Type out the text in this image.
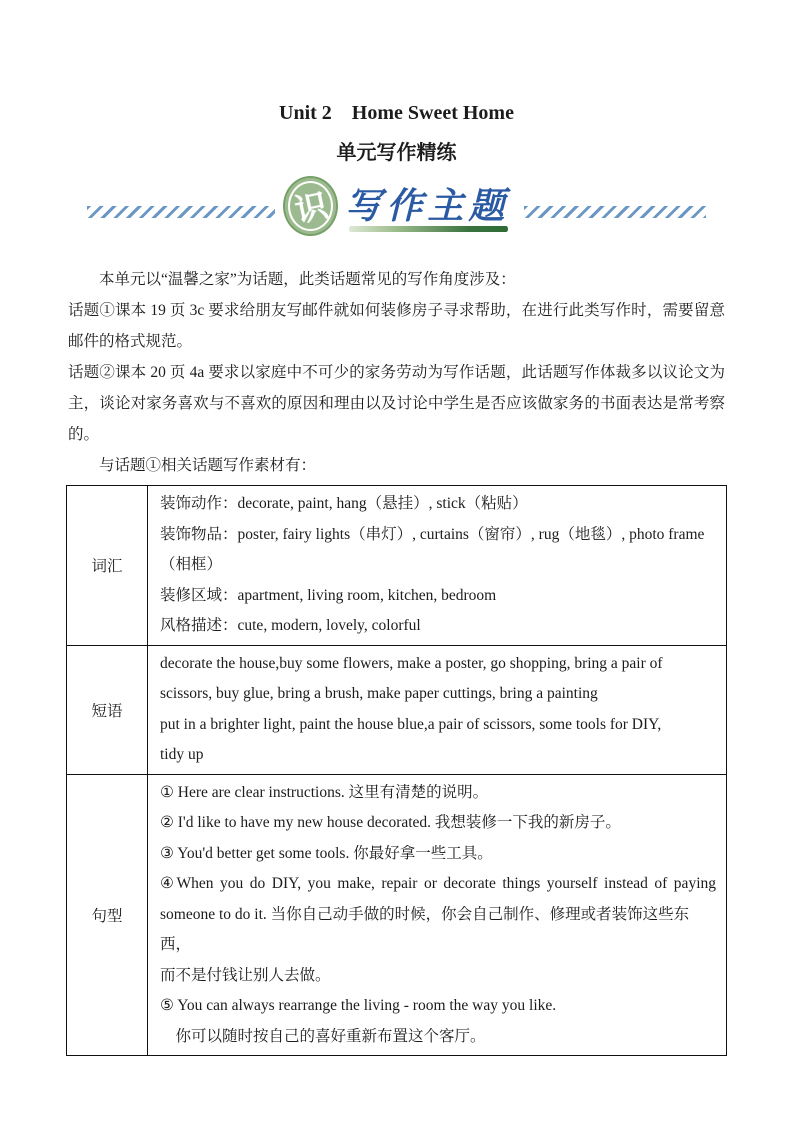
Unit 2　Home Sweet Home
单元写作精练
识 写作主题

本单元以“温馨之家”为话题，此类话题常见的写作角度涉及：

话题①课本 19 页 3c 要求给朋友写邮件就如何装修房子寻求帮助，在进行此类写作时，需要留意邮件的格式规范。

话题②课本 20 页 4a 要求以家庭中不可少的家务劳动为写作话题，此话题写作体裁多以议论文为主，谈论对家务喜欢与不喜欢的原因和理由以及讨论中学生是否应该做家务的书面表达是常考察的。

与话题①相关话题写作素材有：

词汇	装饰动作：decorate, paint, hang（悬挂）, stick（粘贴）
装饰物品：poster, fairy lights（串灯）, curtains（窗帘）, rug（地毯）, photo frame
（相框）
装修区域：apartment, living room, kitchen, bedroom
风格描述：cute, modern, lovely, colorful

短语	decorate the house,buy some flowers, make a poster, go shopping, bring a pair of
scissors, buy glue, bring a brush, make paper cuttings, bring a painting
put in a brighter light, paint the house blue,a pair of scissors, some tools for DIY,
tidy up

句型	
① Here are clear instructions. 这里有清楚的说明。
② I'd like to have my new house decorated. 我想装修一下我的新房子。
③ You'd better get some tools. 你最好拿一些工具。
④When you do DIY, you make, repair or decorate things yourself instead of paying
someone to do it. 当你自己动手做的时候，你会自己制作、修理或者装饰这些东西，
而不是付钱让别人去做。
⑤ You can always rearrange the living - room the way you like.
　你可以随时按自己的喜好重新布置这个客厅。
